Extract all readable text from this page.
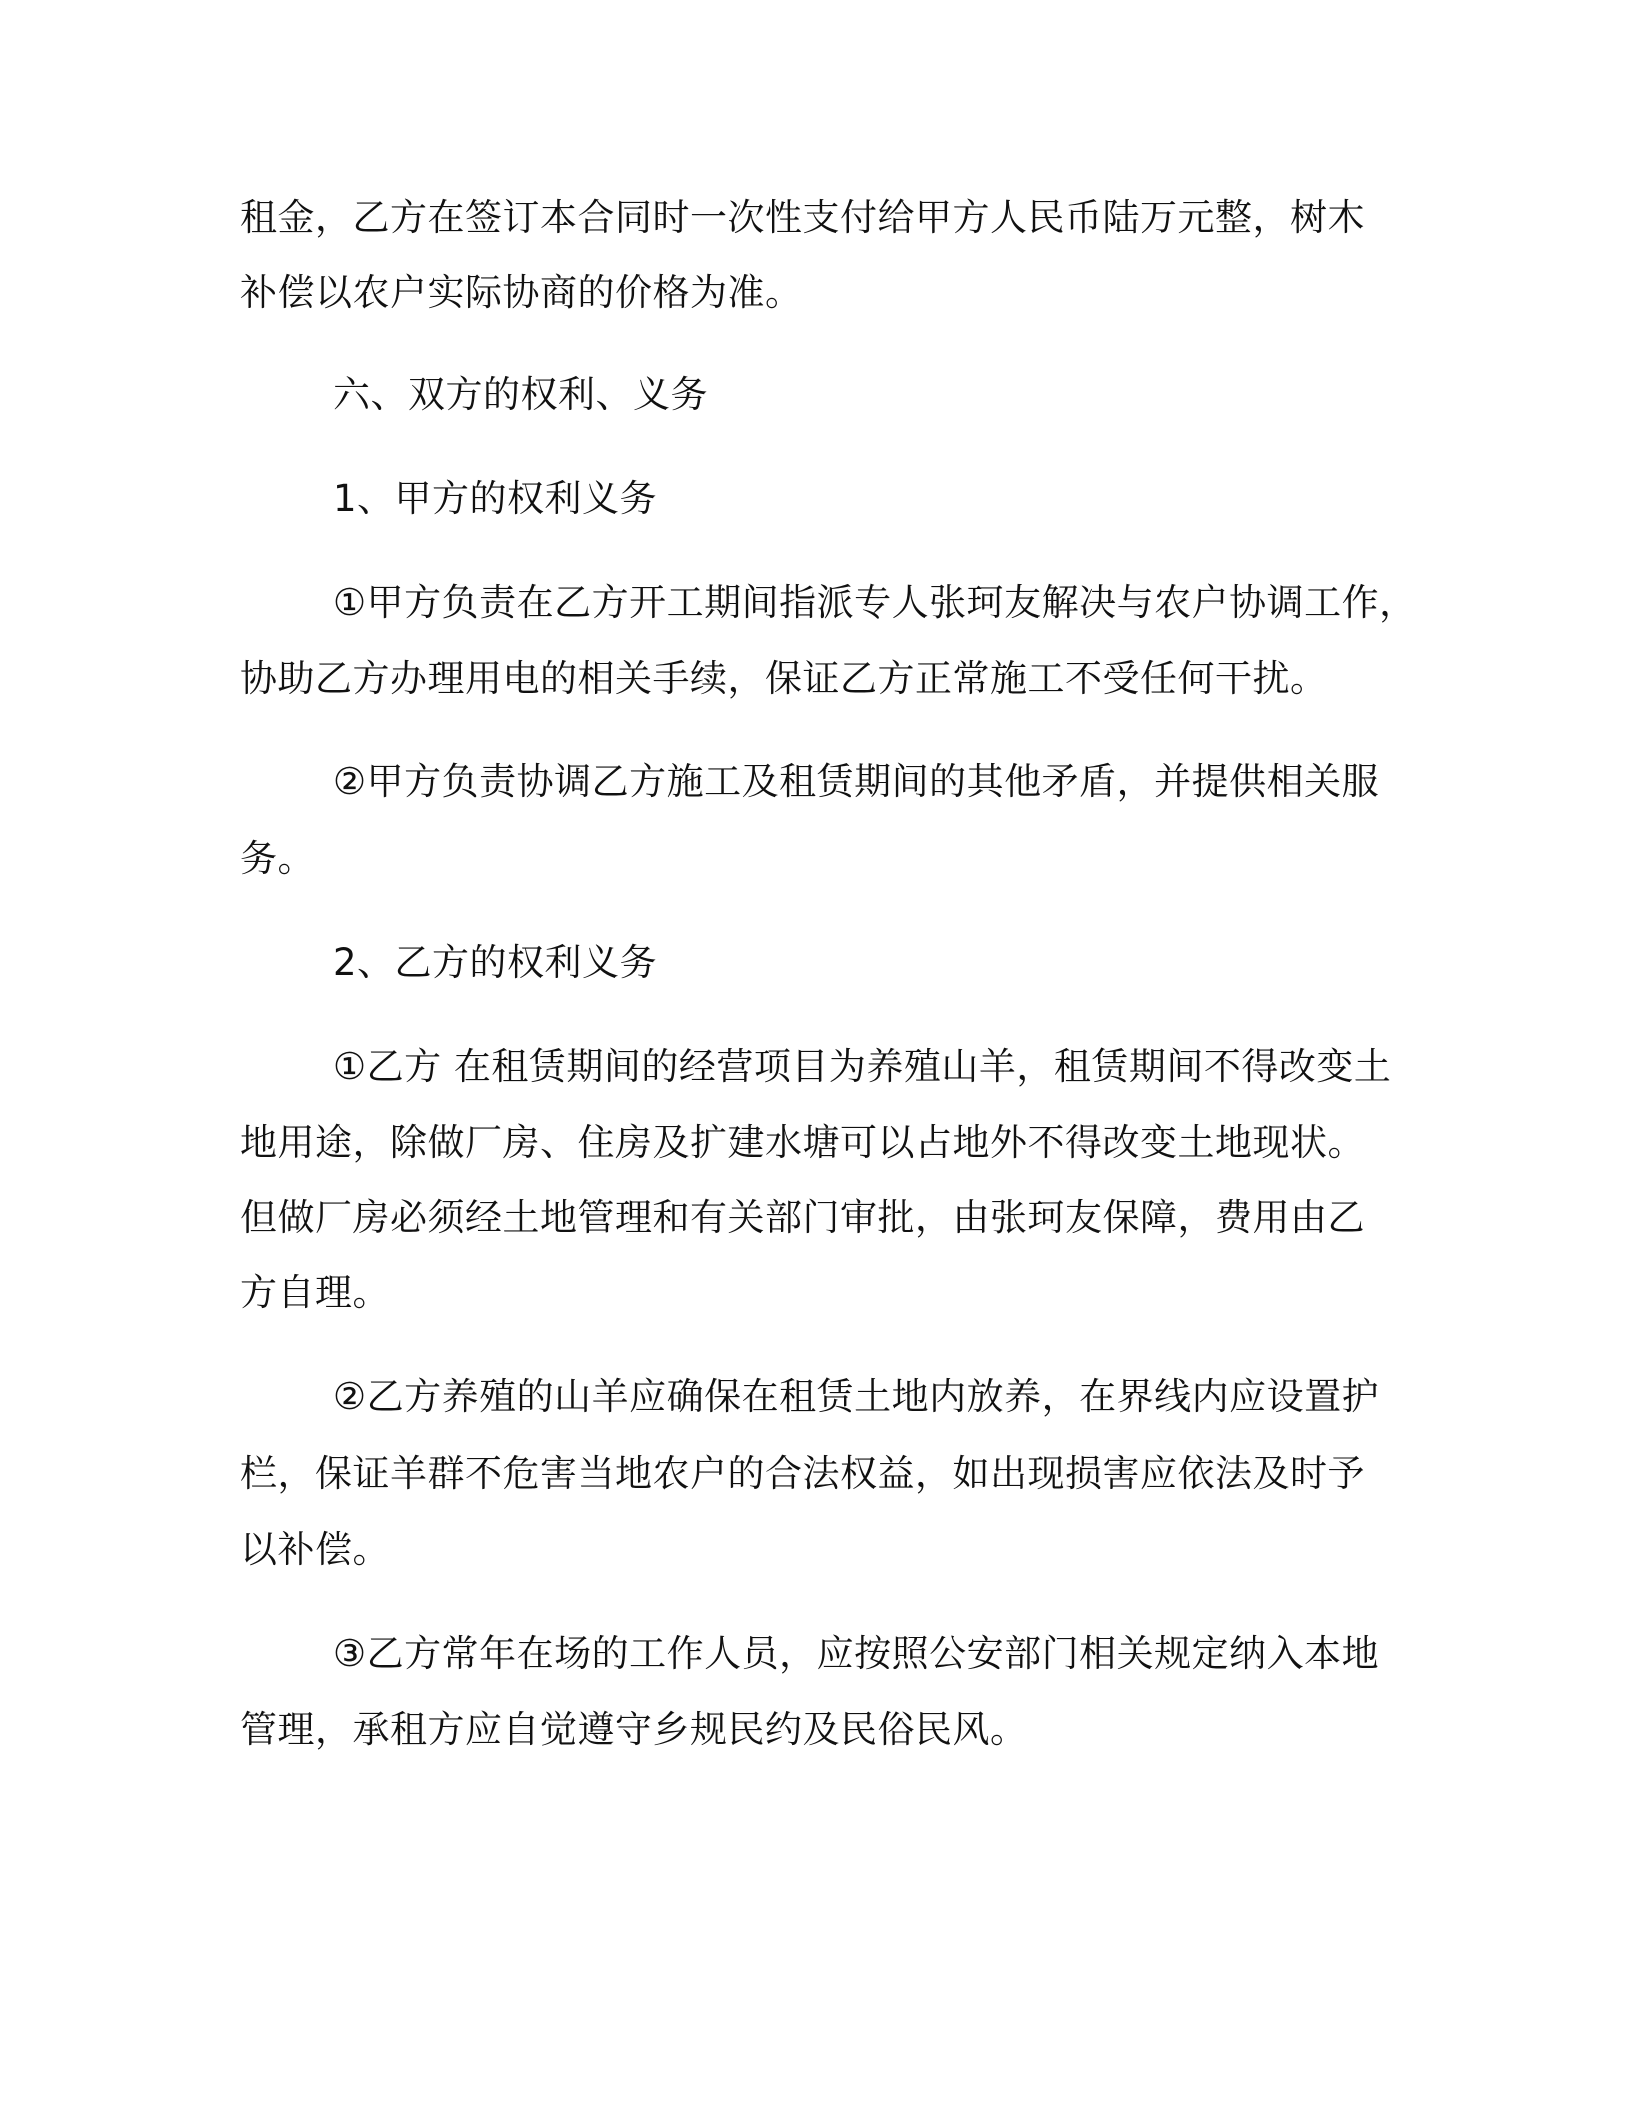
租金，乙方在签订本合同时一次性支付给甲方人民币陆万元整，树木
补偿以农户实际协商的价格为准。
六、双方的权利、义务
1、甲方的权利义务
①甲方负责在乙方开工期间指派专人张珂友解决与农户协调工作，
协助乙方办理用电的相关手续，保证乙方正常施工不受任何干扰。
②甲方负责协调乙方施工及租赁期间的其他矛盾，并提供相关服
务。
2、乙方的权利义务
①乙方 在租赁期间的经营项目为养殖山羊，租赁期间不得改变土
地用途，除做厂房、住房及扩建水塘可以占地外不得改变土地现状。
但做厂房必须经土地管理和有关部门审批，由张珂友保障，费用由乙
方自理。
②乙方养殖的山羊应确保在租赁土地内放养，在界线内应设置护
栏，保证羊群不危害当地农户的合法权益，如出现损害应依法及时予
以补偿。
③乙方常年在场的工作人员，应按照公安部门相关规定纳入本地
管理，承租方应自觉遵守乡规民约及民俗民风。
